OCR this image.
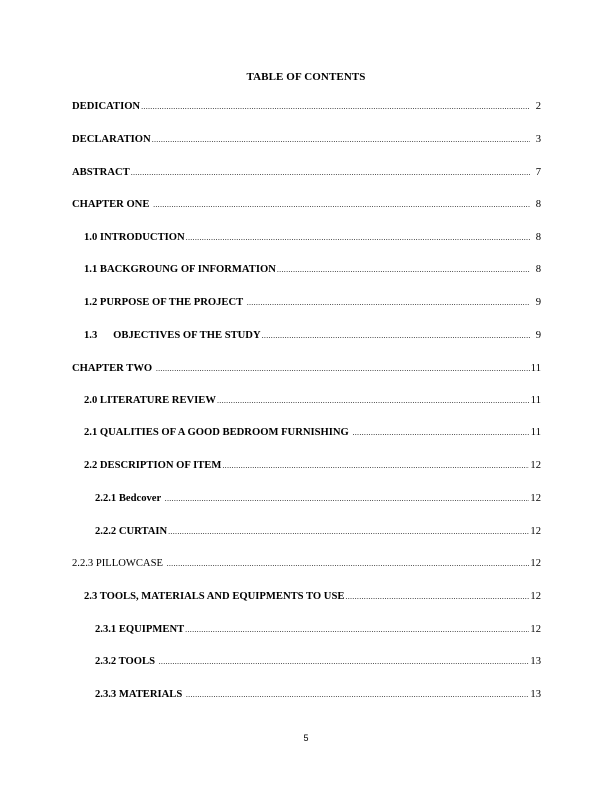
TABLE OF CONTENTS
DEDICATION .....	2
DECLARATION .....	3
ABSTRACT .....	7
CHAPTER ONE .....	8
1.0 INTRODUCTION .....	8
1.1 BACKGROUNG OF INFORMATION .....	8
1.2 PURPOSE OF THE PROJECT .....	9
1.3      OBJECTIVES OF THE STUDY .....	9
CHAPTER TWO .....	11
2.0 LITERATURE REVIEW .....	11
2.1 QUALITIES OF A GOOD BEDROOM FURNISHING .....	11
2.2 DESCRIPTION OF ITEM .....	12
2.2.1 Bedcover .....	12
2.2.2 CURTAIN .....	12
2.2.3 PILLOWCASE .....	12
2.3 TOOLS, MATERIALS AND EQUIPMENTS TO USE .....	12
2.3.1 EQUIPMENT .....	12
2.3.2 TOOLS .....	13
2.3.3 MATERIALS .....	13
5
